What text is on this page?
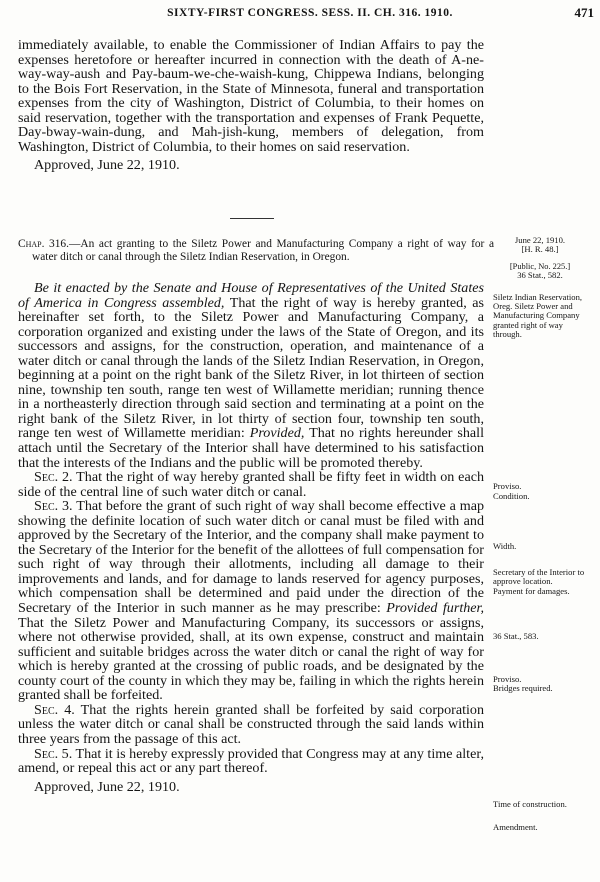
SIXTY-FIRST CONGRESS. SESS. II. CH. 316. 1910.	471

immediately available, to enable the Commissioner of Indian Affairs to pay the expenses heretofore or hereafter incurred in connection with the death of A-ne-way-way-aush and Pay-baum-we-che-waish-kung, Chippewa Indians, belonging to the Bois Fort Reservation, in the State of Minnesota, funeral and transportation expenses from the city of Washington, District of Columbia, to their homes on said reservation, together with the transportation and expenses of Frank Pequette, Day-bway-wain-dung, and Mah-jish-kung, members of delegation, from Washington, District of Columbia, to their homes on said reservation.

Approved, June 22, 1910.

Chap. 316.—An act granting to the Siletz Power and Manufacturing Company a right of way for a water ditch or canal through the Siletz Indian Reservation, in Oregon.

Be it enacted by the Senate and House of Representatives of the United States of America in Congress assembled, That the right of way is hereby granted, as hereinafter set forth, to the Siletz Power and Manufacturing Company, a corporation organized and existing under the laws of the State of Oregon, and its successors and assigns, for the construction, operation, and maintenance of a water ditch or canal through the lands of the Siletz Indian Reservation, in Oregon, beginning at a point on the right bank of the Siletz River, in lot thirteen of section nine, township ten south, range ten west of Willamette meridian; running thence in a northeasterly direction through said section and terminating at a point on the right bank of the Siletz River, in lot thirty of section four, township ten south, range ten west of Willamette meridian: Provided, That no rights hereunder shall attach until the Secretary of the Interior shall have determined to his satisfaction that the interests of the Indians and the public will be promoted thereby.

Sec. 2. That the right of way hereby granted shall be fifty feet in width on each side of the central line of such water ditch or canal.

Sec. 3. That before the grant of such right of way shall become effective a map showing the definite location of such water ditch or canal must be filed with and approved by the Secretary of the Interior, and the company shall make payment to the Secretary of the Interior for the benefit of the allottees of full compensation for such right of way through their allotments, including all damage to their improvements and lands, and for damage to lands reserved for agency purposes, which compensation shall be determined and paid under the direction of the Secretary of the Interior in such manner as he may prescribe: Provided further, That the Siletz Power and Manufacturing Company, its successors or assigns, where not otherwise provided, shall, at its own expense, construct and maintain sufficient and suitable bridges across the water ditch or canal the right of way for which is hereby granted at the crossing of public roads, and be designated by the county court of the county in which they may be, failing in which the rights herein granted shall be forfeited.

Sec. 4. That the rights herein granted shall be forfeited by said corporation unless the water ditch or canal shall be constructed through the said lands within three years from the passage of this act.

Sec. 5. That it is hereby expressly provided that Congress may at any time alter, amend, or repeal this act or any part thereof.

Approved, June 22, 1910.

June 22, 1910.
[H. R. 48.]
[Public, No. 225.]
36 Stat., 582.
Siletz Indian Reservation, Oreg. Siletz Power and Manufacturing Company granted right of way through.
Proviso.
Condition.
Width.
Secretary of the Interior to approve location.
Payment for damages.
36 Stat., 583.
Proviso.
Bridges required.
Time of construction.
Amendment.
